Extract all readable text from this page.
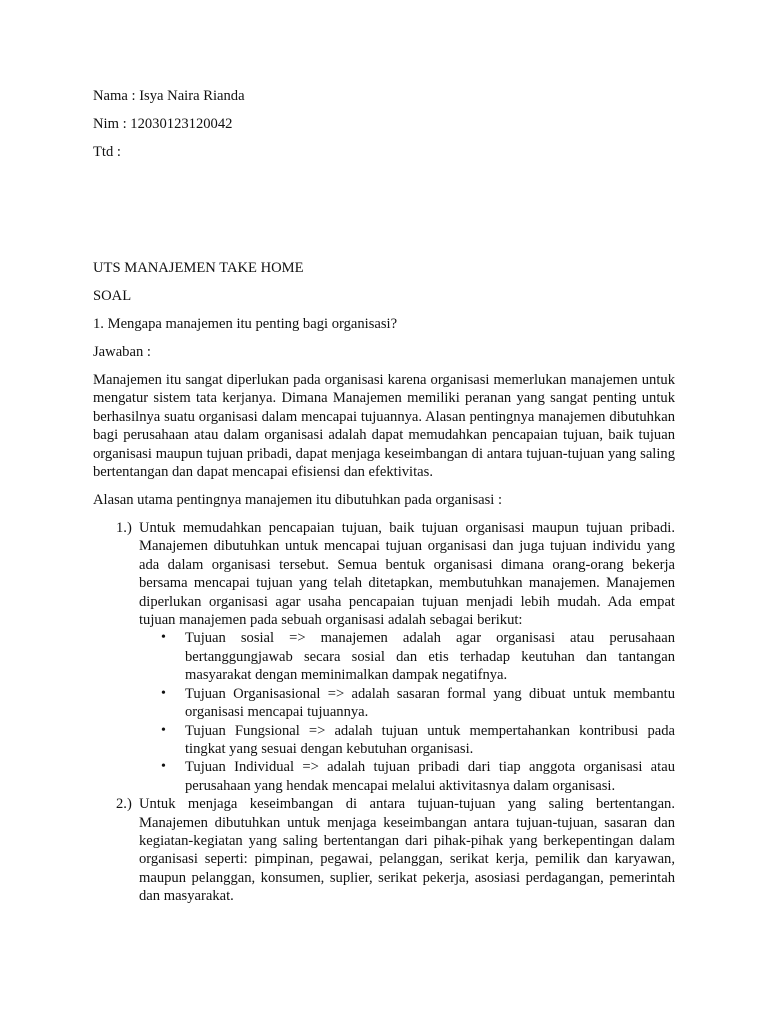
Nama : Isya Naira Rianda

Nim : 12030123120042

Ttd :

UTS MANAJEMEN TAKE HOME

SOAL

1. Mengapa manajemen itu penting bagi organisasi?

Jawaban :

Manajemen itu sangat diperlukan pada organisasi karena organisasi memerlukan manajemen untuk mengatur sistem tata kerjanya. Dimana Manajemen memiliki peranan yang sangat penting untuk berhasilnya suatu organisasi dalam mencapai tujuannya. Alasan pentingnya manajemen dibutuhkan bagi perusahaan atau dalam organisasi adalah dapat memudahkan pencapaian tujuan, baik tujuan organisasi maupun tujuan pribadi, dapat menjaga keseimbangan di antara tujuan-tujuan yang saling bertentangan dan dapat mencapai efisiensi dan efektivitas.

Alasan utama pentingnya manajemen itu dibutuhkan pada organisasi :

1.) Untuk memudahkan pencapaian tujuan, baik tujuan organisasi maupun tujuan pribadi. Manajemen dibutuhkan untuk mencapai tujuan organisasi dan juga tujuan individu yang ada dalam organisasi tersebut. Semua bentuk organisasi dimana orang-orang bekerja bersama mencapai tujuan yang telah ditetapkan, membutuhkan manajemen. Manajemen diperlukan organisasi agar usaha pencapaian tujuan menjadi lebih mudah. Ada empat tujuan manajemen pada sebuah organisasi adalah sebagai berikut:
• Tujuan sosial => manajemen adalah agar organisasi atau perusahaan bertanggungjawab secara sosial dan etis terhadap keutuhan dan tantangan masyarakat dengan meminimalkan dampak negatifnya.
• Tujuan Organisasional => adalah sasaran formal yang dibuat untuk membantu organisasi mencapai tujuannya.
• Tujuan Fungsional => adalah tujuan untuk mempertahankan kontribusi pada tingkat yang sesuai dengan kebutuhan organisasi.
• Tujuan Individual => adalah tujuan pribadi dari tiap anggota organisasi atau perusahaan yang hendak mencapai melalui aktivitasnya dalam organisasi.
2.) Untuk menjaga keseimbangan di antara tujuan-tujuan yang saling bertentangan. Manajemen dibutuhkan untuk menjaga keseimbangan antara tujuan-tujuan, sasaran dan kegiatan-kegiatan yang saling bertentangan dari pihak-pihak yang berkepentingan dalam organisasi seperti: pimpinan, pegawai, pelanggan, serikat kerja, pemilik dan karyawan, maupun pelanggan, konsumen, suplier, serikat pekerja, asosiasi perdagangan, pemerintah dan masyarakat.
